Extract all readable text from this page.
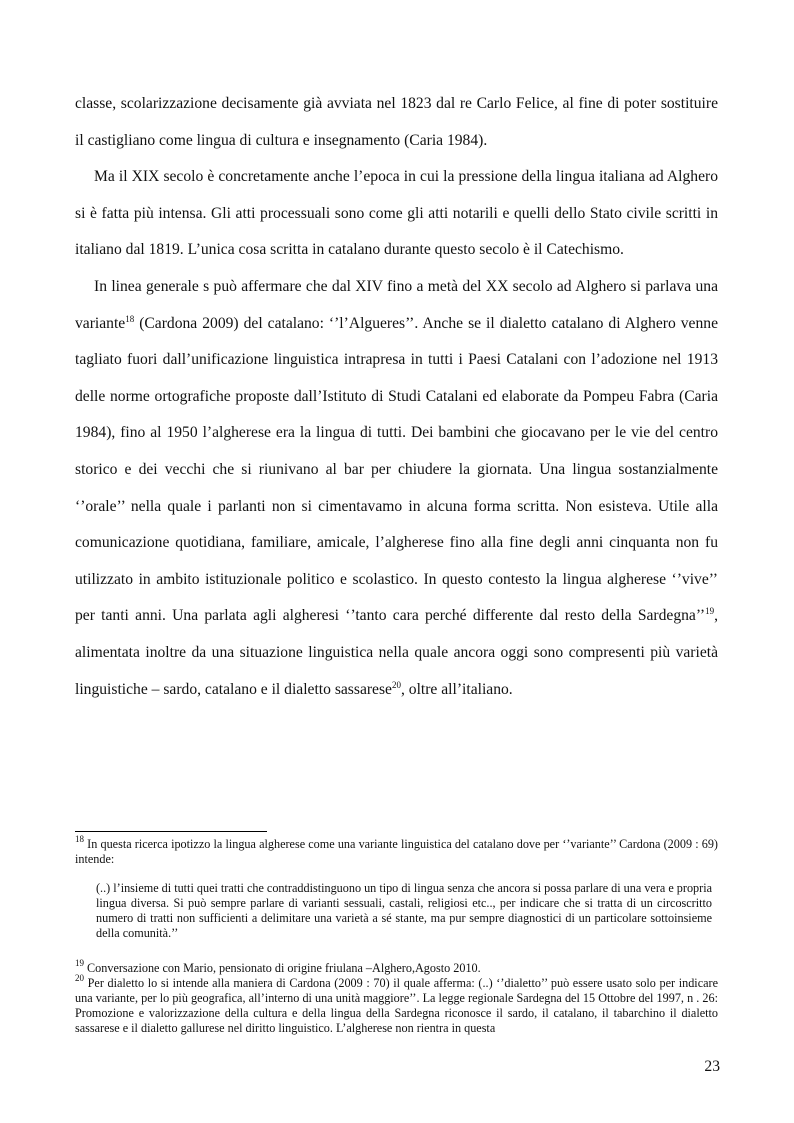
classe, scolarizzazione decisamente già avviata nel 1823 dal re Carlo Felice, al fine di poter sostituire il castigliano come lingua di cultura e insegnamento (Caria 1984).

Ma il XIX secolo è concretamente anche l’epoca in cui la pressione della lingua italiana ad Alghero si è fatta più intensa. Gli atti processuali sono come gli atti notarili e quelli dello Stato civile scritti in italiano dal 1819. L’unica cosa scritta in catalano durante questo secolo è il Catechismo.

In linea generale s può affermare che dal XIV fino a metà del XX secolo ad Alghero si parlava una variante$^{18}$ (Cardona 2009) del catalano: ‘’l’Algueres’’. Anche se il dialetto catalano di Alghero venne tagliato fuori dall’unificazione linguistica intrapresa in tutti i Paesi Catalani con l’adozione nel 1913 delle norme ortografiche proposte dall’Istituto di Studi Catalani ed elaborate da Pompeu Fabra (Caria 1984), fino al 1950 l’algherese era la lingua di tutti. Dei bambini che giocavano per le vie del centro storico e dei vecchi che si riunivano al bar per chiudere la giornata. Una lingua sostanzialmente ‘’orale’’ nella quale i parlanti non si cimentavamo in alcuna forma scritta. Non esisteva. Utile alla comunicazione quotidiana, familiare, amicale, l’algherese fino alla fine degli anni cinquanta non fu utilizzato in ambito istituzionale politico e scolastico. In questo contesto la lingua algherese ‘’vive’’ per tanti anni. Una parlata agli algheresi ‘’tanto cara perché differente dal resto della Sardegna’’$^{19}$, alimentata inoltre da una situazione linguistica nella quale ancora oggi sono compresenti più varietà linguistiche – sardo, catalano e il dialetto sassarese$^{20}$, oltre all’italiano.

$^{18}$ In questa ricerca ipotizzo la lingua algherese come una variante linguistica del catalano dove per ‘’variante’’ Cardona (2009 : 69) intende:

(..) l’insieme di tutti quei tratti che contraddistinguono un tipo di lingua senza che ancora si possa parlare di una vera e propria lingua diversa. Si può sempre parlare di varianti sessuali, castali, religiosi etc.., per indicare che si tratta di un circoscritto numero di tratti non sufficienti a delimitare una varietà a sé stante, ma pur sempre diagnostici di un particolare sottoinsieme della comunità.’’

$^{19}$ Conversazione con Mario, pensionato di origine friulana –Alghero,Agosto 2010.

$^{20}$ Per dialetto lo si intende alla maniera di Cardona (2009 : 70) il quale afferma: (..) ‘’dialetto’’ può essere usato solo per indicare una variante, per lo più geografica, all’interno di una unità maggiore’’. La legge regionale Sardegna del 15 Ottobre del 1997, n . 26: Promozione e valorizzazione della cultura e della lingua della Sardegna riconosce il sardo, il catalano, il tabarchino il dialetto sassarese e il dialetto gallurese nel diritto linguistico. L’algherese non rientra in questa

23
